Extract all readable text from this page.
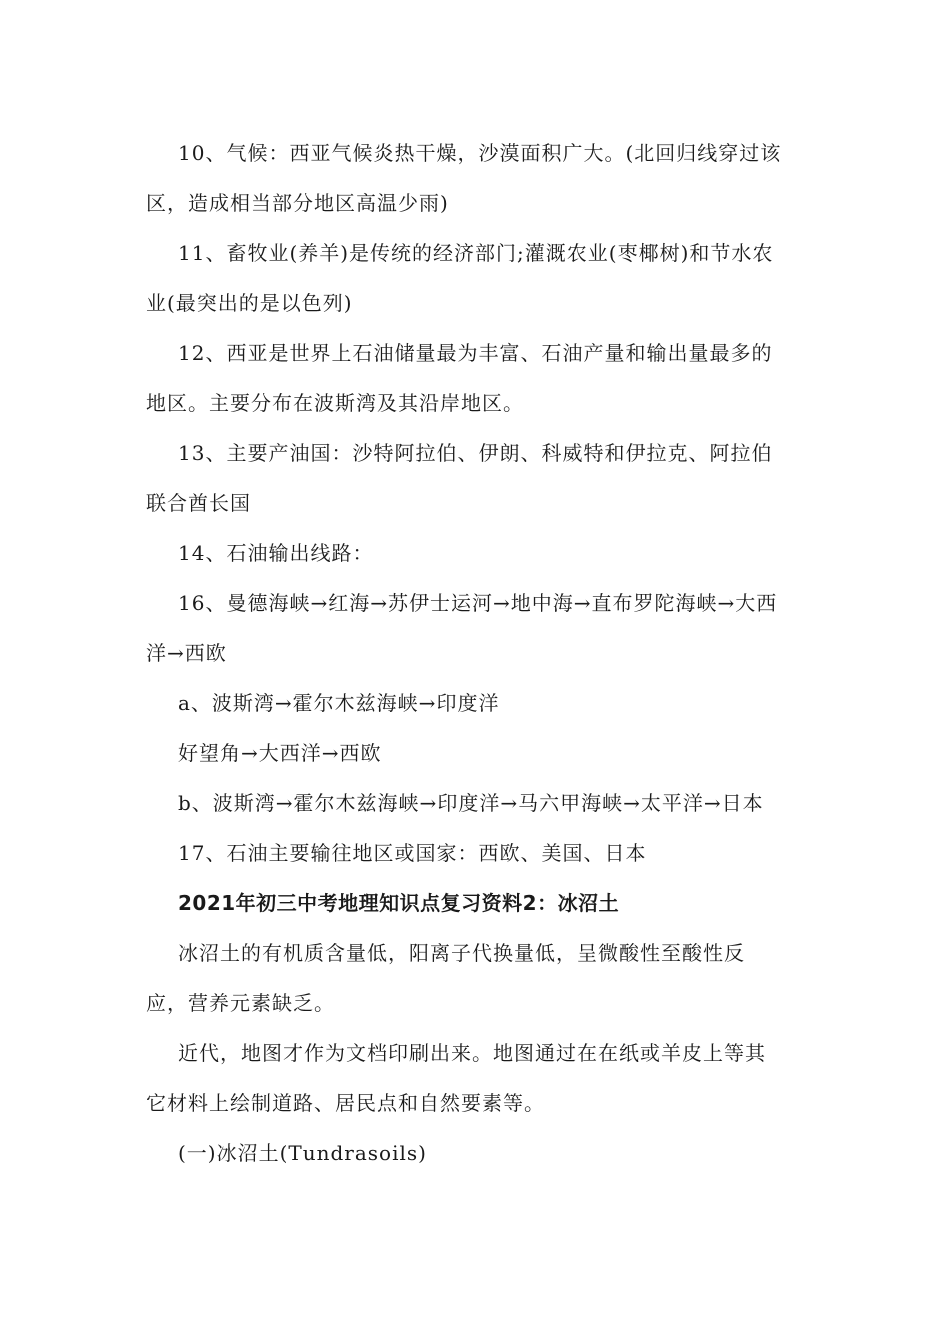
10、气候：西亚气候炎热干燥，沙漠面积广大。(北回归线穿过该区，造成相当部分地区高温少雨)

11、畜牧业(养羊)是传统的经济部门;灌溉农业(枣椰树)和节水农业(最突出的是以色列)

12、西亚是世界上石油储量最为丰富、石油产量和输出量最多的地区。主要分布在波斯湾及其沿岸地区。

13、主要产油国：沙特阿拉伯、伊朗、科威特和伊拉克、阿拉伯联合酋长国

14、石油输出线路：

16、曼德海峡→红海→苏伊士运河→地中海→直布罗陀海峡→大西洋→西欧

a、波斯湾→霍尔木兹海峡→印度洋

好望角→大西洋→西欧

b、波斯湾→霍尔木兹海峡→印度洋→马六甲海峡→太平洋→日本

17、石油主要输往地区或国家：西欧、美国、日本

2021年初三中考地理知识点复习资料2：冰沼土

冰沼土的有机质含量低，阳离子代换量低，呈微酸性至酸性反应，营养元素缺乏。

近代，地图才作为文档印刷出来。地图通过在在纸或羊皮上等其它材料上绘制道路、居民点和自然要素等。

(一)冰沼土(Tundrasoils)
